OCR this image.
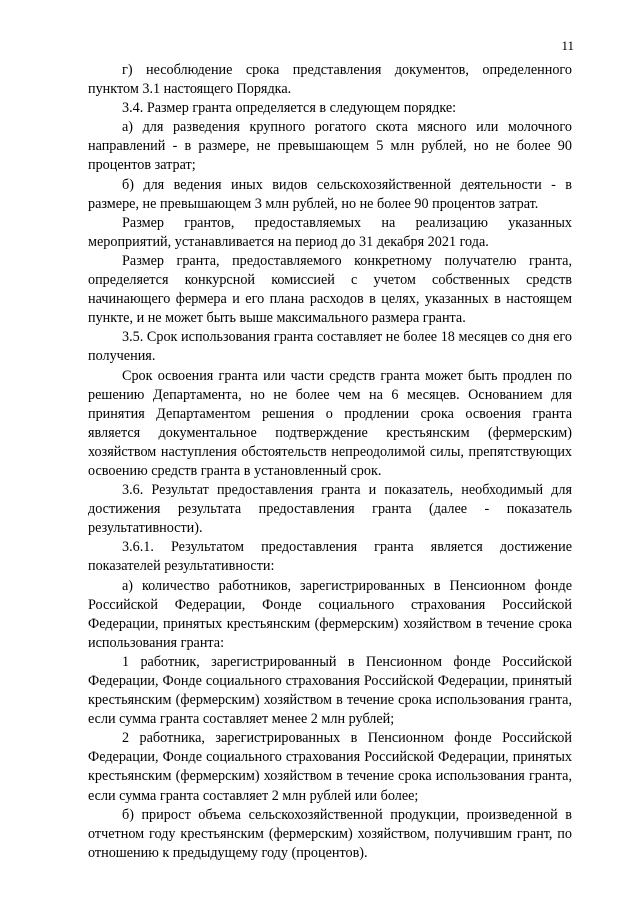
11

г) несоблюдение срока представления документов, определенного пунктом 3.1 настоящего Порядка.

3.4. Размер гранта определяется в следующем порядке:

а) для разведения крупного рогатого скота мясного или молочного направлений - в размере, не превышающем 5 млн рублей, но не более 90 процентов затрат;

б) для ведения иных видов сельскохозяйственной деятельности - в размере, не превышающем 3 млн рублей, но не более 90 процентов затрат.

Размер грантов, предоставляемых на реализацию указанных мероприятий, устанавливается на период до 31 декабря 2021 года.

Размер гранта, предоставляемого конкретному получателю гранта, определяется конкурсной комиссией с учетом собственных средств начинающего фермера и его плана расходов в целях, указанных в настоящем пункте, и не может быть выше максимального размера гранта.

3.5. Срок использования гранта составляет не более 18 месяцев со дня его получения.

Срок освоения гранта или части средств гранта может быть продлен по решению Департамента, но не более чем на 6 месяцев. Основанием для принятия Департаментом решения о продлении срока освоения гранта является документальное подтверждение крестьянским (фермерским) хозяйством наступления обстоятельств непреодолимой силы, препятствующих освоению средств гранта в установленный срок.

3.6. Результат предоставления гранта и показатель, необходимый для достижения результата предоставления гранта (далее - показатель результативности).

3.6.1. Результатом предоставления гранта является достижение показателей результативности:

а) количество работников, зарегистрированных в Пенсионном фонде Российской Федерации, Фонде социального страхования Российской Федерации, принятых крестьянским (фермерским) хозяйством в течение срока использования гранта:

1 работник, зарегистрированный в Пенсионном фонде Российской Федерации, Фонде социального страхования Российской Федерации, принятый крестьянским (фермерским) хозяйством в течение срока использования гранта, если сумма гранта составляет менее 2 млн рублей;

2 работника, зарегистрированных в Пенсионном фонде Российской Федерации, Фонде социального страхования Российской Федерации, принятых крестьянским (фермерским) хозяйством в течение срока использования гранта, если сумма гранта составляет 2 млн рублей или более;

б) прирост объема сельскохозяйственной продукции, произведенной в отчетном году крестьянским (фермерским) хозяйством, получившим грант, по отношению к предыдущему году (процентов).
